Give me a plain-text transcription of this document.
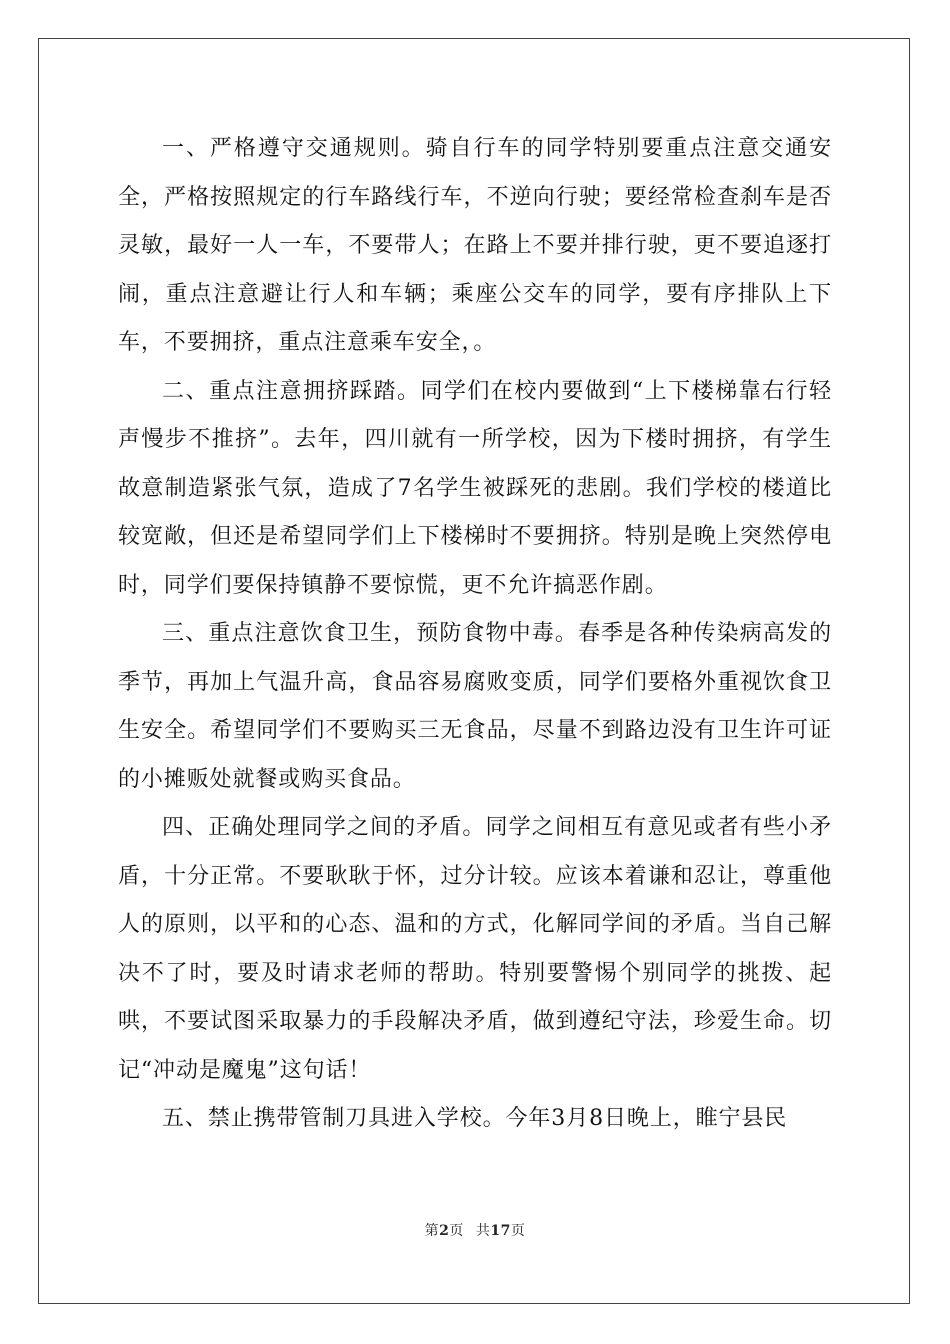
一、严格遵守交通规则。骑自行车的同学特别要重点注意交通安全，严格按照规定的行车路线行车，不逆向行驶；要经常检查刹车是否灵敏，最好一人一车，不要带人；在路上不要并排行驶，更不要追逐打闹，重点注意避让行人和车辆；乘座公交车的同学，要有序排队上下车，不要拥挤，重点注意乘车安全，。

二、重点注意拥挤踩踏。同学们在校内要做到“上下楼梯靠右行轻声慢步不推挤”。去年，四川就有一所学校，因为下楼时拥挤，有学生故意制造紧张气氛，造成了7名学生被踩死的悲剧。我们学校的楼道比较宽敞，但还是希望同学们上下楼梯时不要拥挤。特别是晚上突然停电时，同学们要保持镇静不要惊慌，更不允许搞恶作剧。

三、重点注意饮食卫生，预防食物中毒。春季是各种传染病高发的季节，再加上气温升高，食品容易腐败变质，同学们要格外重视饮食卫生安全。希望同学们不要购买三无食品，尽量不到路边没有卫生许可证的小摊贩处就餐或购买食品。

四、正确处理同学之间的矛盾。同学之间相互有意见或者有些小矛盾，十分正常。不要耿耿于怀，过分计较。应该本着谦和忍让，尊重他人的原则，以平和的心态、温和的方式，化解同学间的矛盾。当自己解决不了时，要及时请求老师的帮助。特别要警惕个别同学的挑拨、起哄，不要试图采取暴力的手段解决矛盾，做到遵纪守法，珍爱生命。切记“冲动是魔鬼”这句话！

五、禁止携带管制刀具进入学校。今年3月8日晚上，睢宁县民

第2页 共17页
